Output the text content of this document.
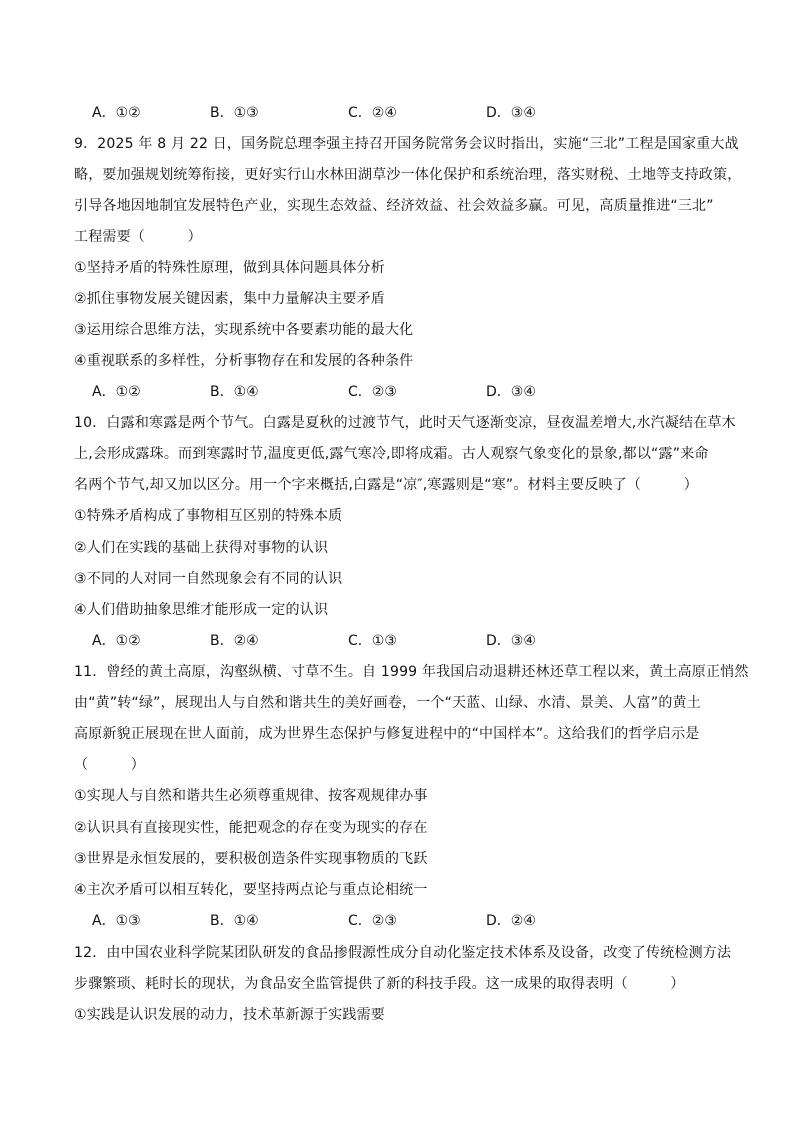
A．①②	B．①③	C．②④	D．③④
9．2025 年 8 月 22 日，国务院总理李强主持召开国务院常务会议时指出，实施“三北”工程是国家重大战
略，要加强规划统筹衔接，更好实行山水林田湖草沙一体化保护和系统治理，落实财税、土地等支持政策，
引导各地因地制宜发展特色产业，实现生态效益、经济效益、社会效益多赢。可见，高质量推进“三北”
工程需要（　　　）
①坚持矛盾的特殊性原理，做到具体问题具体分析
②抓住事物发展关键因素，集中力量解决主要矛盾
③运用综合思维方法，实现系统中各要素功能的最大化
④重视联系的多样性，分析事物存在和发展的各种条件
A．①②	B．①④	C．②③	D．③④
10．白露和寒露是两个节气。白露是夏秋的过渡节气，此时天气逐渐变凉，昼夜温差增大,水汽凝结在草木
上,会形成露珠。而到寒露时节,温度更低,露气寒冷,即将成霜。古人观察气象变化的景象,都以“露”来命
名两个节气,却又加以区分。用一个字来概括,白露是“凉″,寒露则是“寒”。材料主要反映了（　　　）
①特殊矛盾构成了事物相互区别的特殊本质
②人们在实践的基础上获得对事物的认识
③不同的人对同一自然现象会有不同的认识
④人们借助抽象思维才能形成一定的认识
A．①②	B．②④	C．①③	D．③④
11．曾经的黄土高原，沟壑纵横、寸草不生。自 1999 年我国启动退耕还林还草工程以来，黄土高原正悄然
由“黄”转“绿”，展现出人与自然和谐共生的美好画卷，一个“天蓝、山绿、水清、景美、人富”的黄土
高原新貌正展现在世人面前，成为世界生态保护与修复进程中的“中国样本”。这给我们的哲学启示是
（　　　）
①实现人与自然和谐共生必须尊重规律、按客观规律办事
②认识具有直接现实性，能把观念的存在变为现实的存在
③世界是永恒发展的，要积极创造条件实现事物质的飞跃
④主次矛盾可以相互转化，要坚持两点论与重点论相统一
A．①③	B．①④	C．②③	D．②④
12．由中国农业科学院某团队研发的食品掺假源性成分自动化鉴定技术体系及设备，改变了传统检测方法
步骤繁琐、耗时长的现状，为食品安全监管提供了新的科技手段。这一成果的取得表明（　　　）
①实践是认识发展的动力，技术革新源于实践需要
